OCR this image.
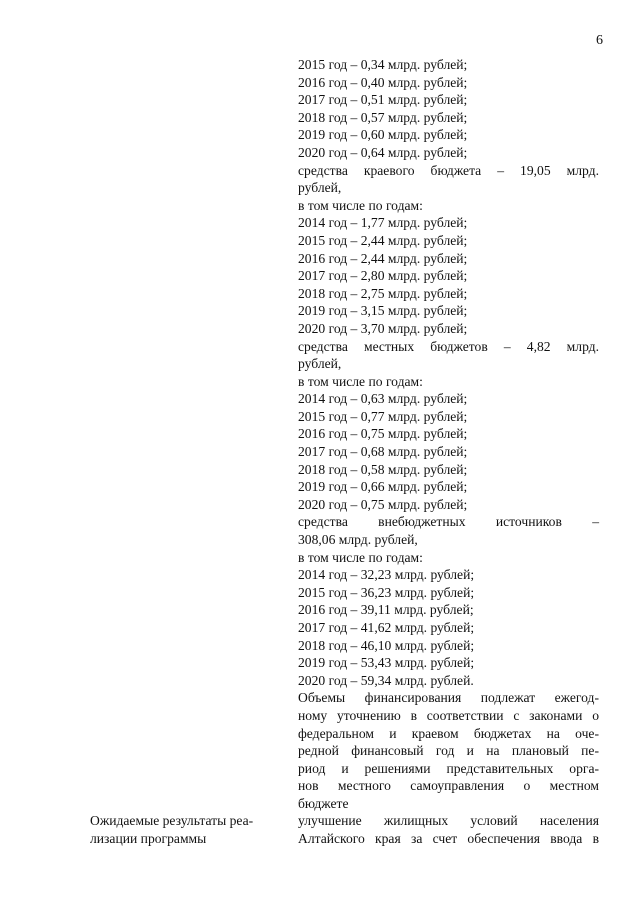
6
2015 год – 0,34 млрд. рублей;
2016 год – 0,40 млрд. рублей;
2017 год – 0,51 млрд. рублей;
2018 год – 0,57 млрд. рублей;
2019 год – 0,60 млрд. рублей;
2020 год – 0,64 млрд. рублей;
средства краевого бюджета – 19,05 млрд.
рублей,
в том числе по годам:
2014 год – 1,77 млрд. рублей;
2015 год – 2,44 млрд. рублей;
2016 год – 2,44 млрд. рублей;
2017 год – 2,80 млрд. рублей;
2018 год – 2,75 млрд. рублей;
2019 год – 3,15 млрд. рублей;
2020 год – 3,70 млрд. рублей;
средства местных бюджетов – 4,82 млрд.
рублей,
в том числе по годам:
2014 год – 0,63 млрд. рублей;
2015 год – 0,77 млрд. рублей;
2016 год – 0,75 млрд. рублей;
2017 год – 0,68 млрд. рублей;
2018 год – 0,58 млрд. рублей;
2019 год – 0,66 млрд. рублей;
2020 год – 0,75 млрд. рублей;
средства внебюджетных источников –
308,06 млрд. рублей,
в том числе по годам:
2014 год – 32,23 млрд. рублей;
2015 год – 36,23 млрд. рублей;
2016 год – 39,11 млрд. рублей;
2017 год – 41,62 млрд. рублей;
2018 год – 46,10 млрд. рублей;
2019 год – 53,43 млрд. рублей;
2020 год – 59,34 млрд. рублей.
Объемы финансирования подлежат ежегод-
ному уточнению в соответствии с законами о
федеральном и краевом бюджетах на оче-
редной финансовый год и на плановый пе-
риод и решениями представительных орга-
нов местного самоуправления о местном
бюджете
Ожидаемые результаты реа-
лизации программы
улучшение жилищных условий населения
Алтайского края за счет обеспечения ввода в
